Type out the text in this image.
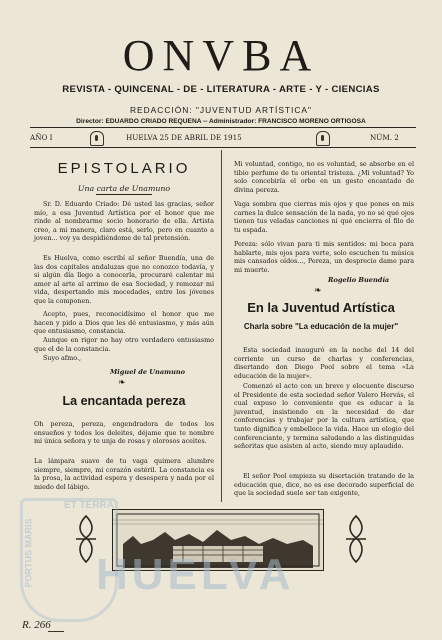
ONVBA
REVISTA - QUINCENAL - DE - LITERATURA - ARTE - Y - CIENCIAS
REDACCIÓN: "JUVENTUD ARTÍSTICA"
Director: EDUARDO CRIADO REQUENA -- Administrador: FRANCISCO MORENO ORTIGOSA
AÑO I	HUELVA 25 DE ABRIL DE 1915	NÚM. 2
EPISTOLARIO
Una carta de Unamuno

Sr. D. Eduardo Criado: Dé usted las gracias, señor mío, a esa Juventud Artística por el honor que me rinde al nombrarme socio honorario de ella. Artista creo, a mi manera, claro está, serlo, pero en cuanto a joven... voy ya despidiéndome de tal pretensión.

Es Huelva, como escribí al señor Buendía, una de las dos capitales andaluzas que no conozco todavía, y si algún día llego a conocerla, procuraré calentar mi amor al arte al arrimo de esa Sociedad, y remozar mi vida, despertando mis mocedades, entre los jóvenes que la componen.

Acepto, pues, reconocidísimo el honor que me hacen y pido a Dios que les dé entusiasmo, y más aún que entusiasmo, constancia.

Aunque en rigor no hay otro verdadero entusiasmo que el de la constancia.

Suyo afmo.,

Miguel de Unamuno
❧
La encantada pereza

Oh pereza, pereza, engendradora de todos los ensueños y todos los deleites, déjame que te nombre mi única señora y te unja de rosas y olorosos aceites.

La lámpara suave de tu vaga quimera alumbre siempre, siempre, mi corazón estéril. La constancia es la prosa, la actividad espera y desespera y nada por el miedo del lábigo.

Mi voluntad, contigo, no es voluntad, se absorbe en el tibio perfume de tu oriental tristeza. ¿Mi voluntad? Yo solo concebiría el orbe en un gesto encantado de divina pereza.

Vaga sombra que cierras mis ojos y que pones en mis carnes la dulce sensación de la nada, yo no sé qué ojos tienen tus veladas canciones ni qué encierra el filo de tu espada.

Pereza: sólo vivan para ti mis sentidos: mi boca para hablarte, mis ojos para verte, solo escuchen tu música mis cansados oídos..., Pereza, un desprecio dame para mi muerte.

Rogelio Buendía
❧
En la Juventud Artística
Charla sobre "La educación de la mujer"

Esta sociedad inauguró en la noche del 14 del corriente un curso de charlas y conferencias, disertando don Diego Pool sobre el tema «La educación de la mujer».

Comenzó el acto con un breve y elocuente discurso el Presidente de esta sociedad señor Valero Hervás, el cual expuso lo conveniente que es educar a la juventud, insistiendo en la necesidad de dar conferencias y trabajar por la cultura artística, que tanto dignifica y embellece la vida. Hace un elogio del conferenciante, y termina saludando a las distinguidas señoritas que asisten al acto, siendo muy aplaudido.

El señor Pool empieza su disertación tratando de la educación que, dice, no es ese decorado superficial de que la sociedad suele ser tan exigente,

ET TERRA
HUELVA
PORTUS MARIS
R. 266
